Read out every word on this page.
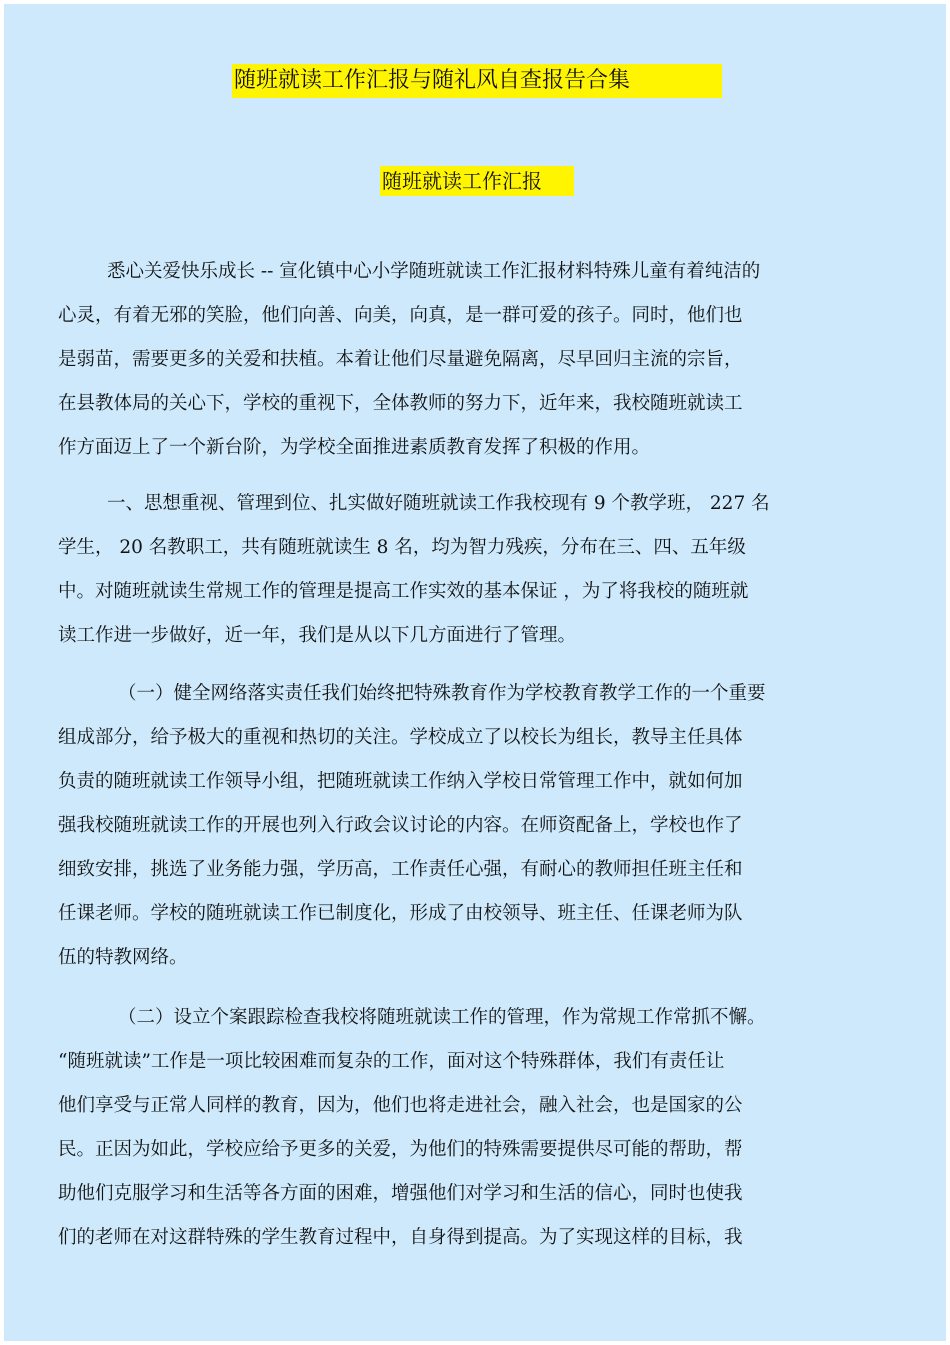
随班就读工作汇报与随礼风自查报告合集
随班就读工作汇报
悉心关爱快乐成长 -- 宣化镇中心小学随班就读工作汇报材料特殊儿童有着纯洁的
心灵，有着无邪的笑脸，他们向善、向美，向真，是一群可爱的孩子。同时，他们也
是弱苗，需要更多的关爱和扶植。本着让他们尽量避免隔离，尽早回归主流的宗旨，
在县教体局的关心下，学校的重视下，全体教师的努力下，近年来，我校随班就读工
作方面迈上了一个新台阶，为学校全面推进素质教育发挥了积极的作用。
一、思想重视、管理到位、扎实做好随班就读工作我校现有 9 个教学班， 227 名
学生， 20 名教职工，共有随班就读生 8 名，均为智力残疾，分布在三、四、五年级
中。对随班就读生常规工作的管理是提高工作实效的基本保证 ，为了将我校的随班就
读工作进一步做好，近一年，我们是从以下几方面进行了管理。
（一）健全网络落实责任我们始终把特殊教育作为学校教育教学工作的一个重要
组成部分，给予极大的重视和热切的关注。学校成立了以校长为组长，教导主任具体
负责的随班就读工作领导小组，把随班就读工作纳入学校日常管理工作中，就如何加
强我校随班就读工作的开展也列入行政会议讨论的内容。在师资配备上，学校也作了
细致安排，挑选了业务能力强，学历高，工作责任心强，有耐心的教师担任班主任和
任课老师。学校的随班就读工作已制度化，形成了由校领导、班主任、任课老师为队
伍的特教网络。
（二）设立个案跟踪检查我校将随班就读工作的管理，作为常规工作常抓不懈。
“随班就读”工作是一项比较困难而复杂的工作，面对这个特殊群体，我们有责任让
他们享受与正常人同样的教育，因为，他们也将走进社会，融入社会，也是国家的公
民。正因为如此，学校应给予更多的关爱，为他们的特殊需要提供尽可能的帮助，帮
助他们克服学习和生活等各方面的困难，增强他们对学习和生活的信心，同时也使我
们的老师在对这群特殊的学生教育过程中，自身得到提高。为了实现这样的目标，我
